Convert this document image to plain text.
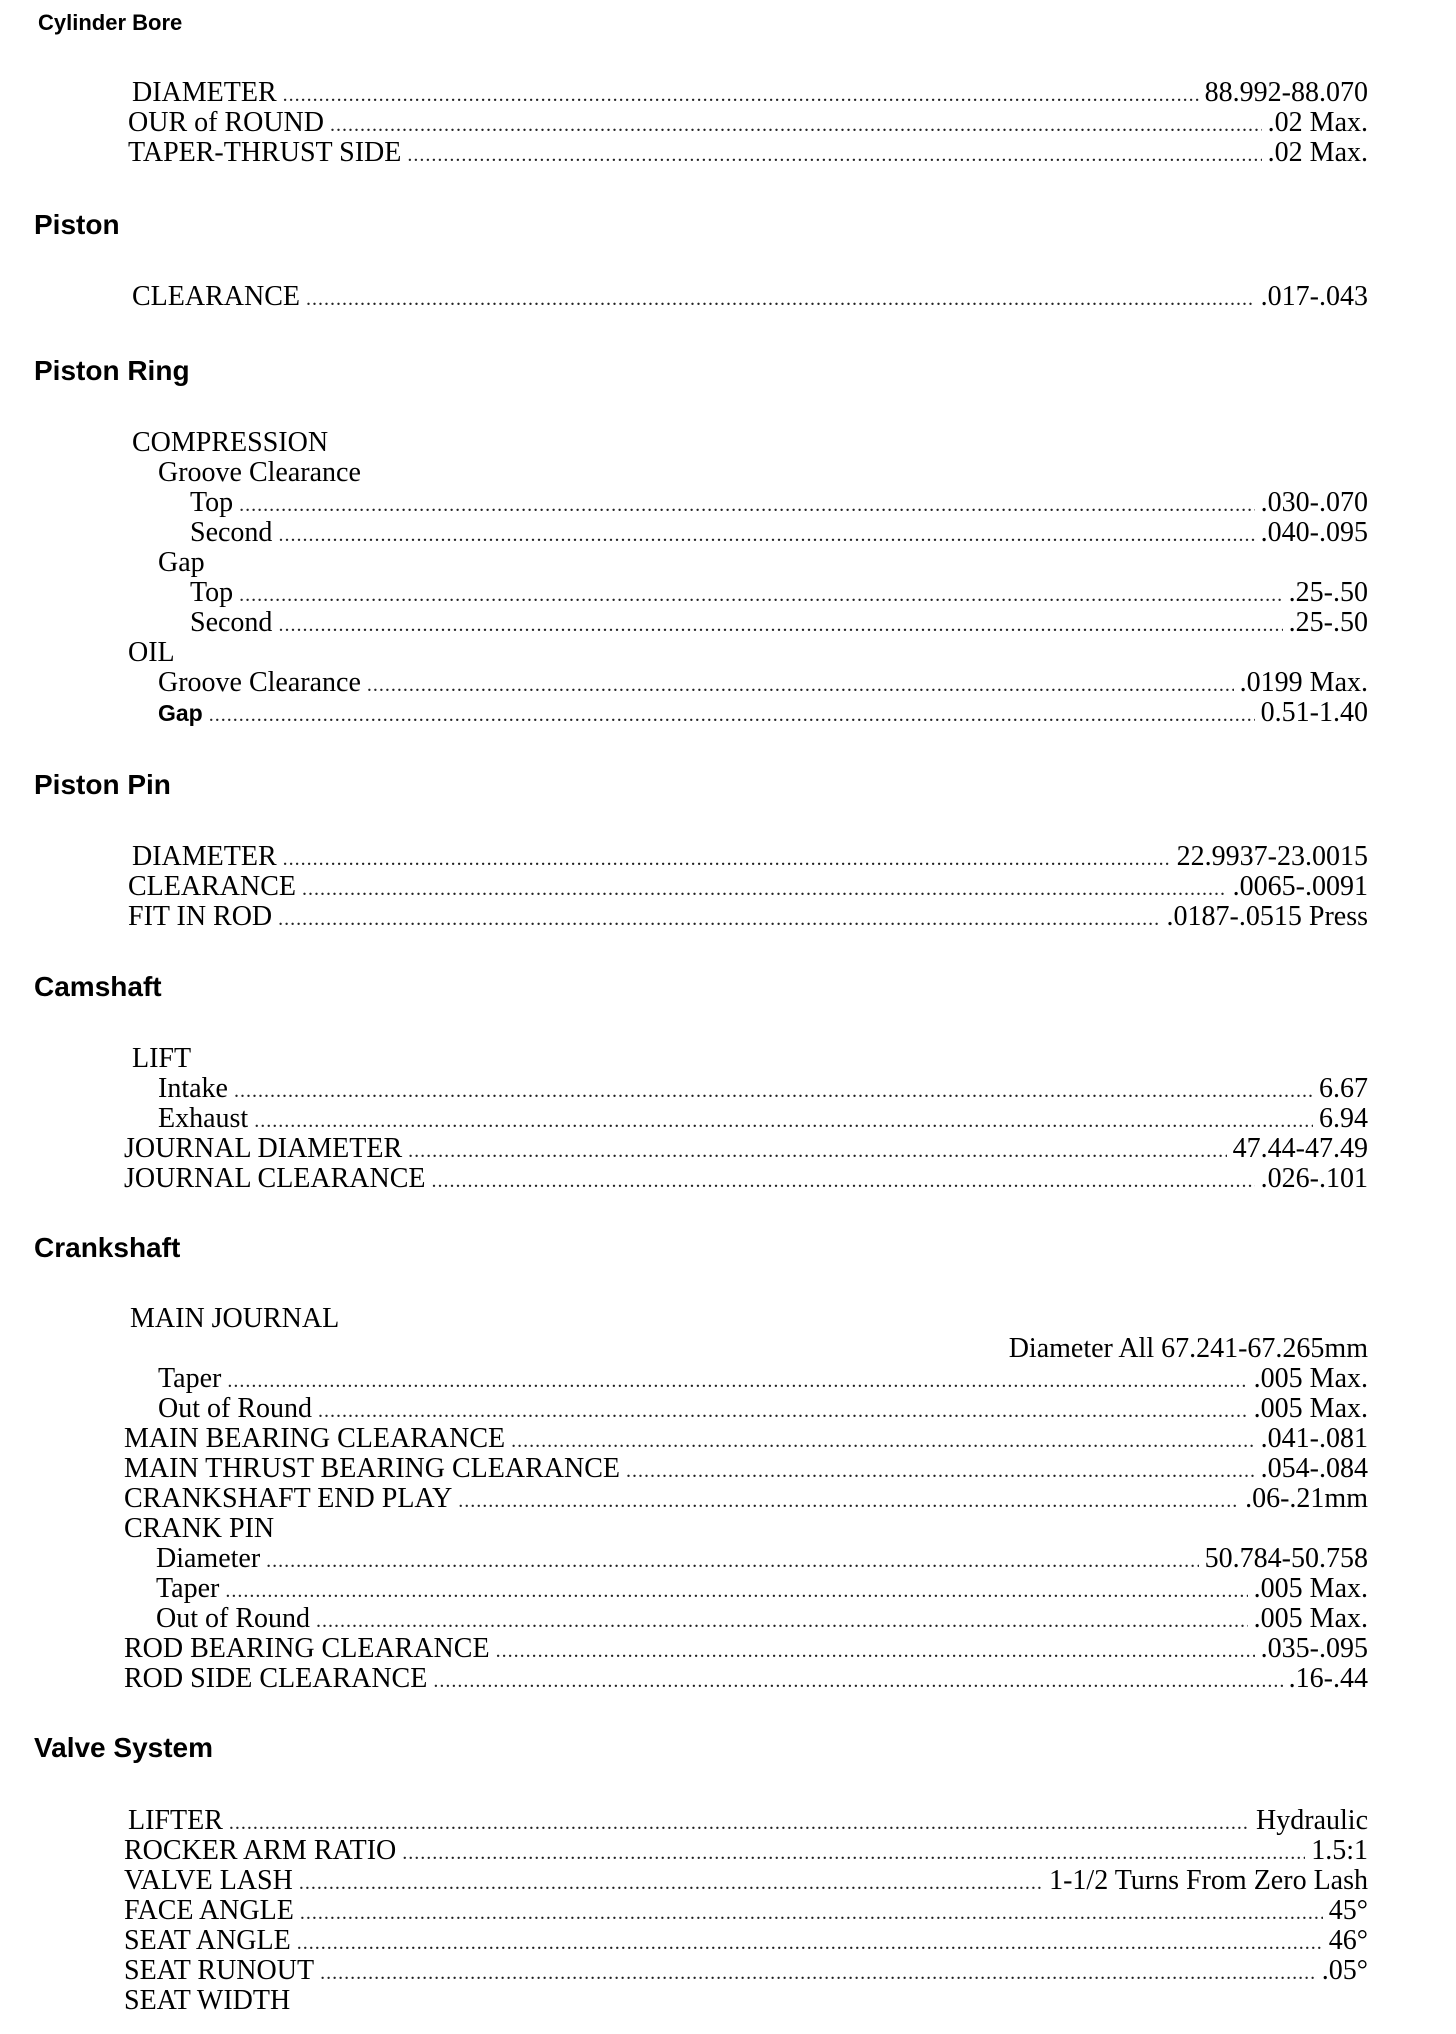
Cylinder Bore
DIAMETER .....	88.992-88.070
OUR of ROUND .....	.02 Max.
TAPER-THRUST SIDE .....	.02 Max.
Piston
CLEARANCE .....	.017-.043
Piston Ring
COMPRESSION
Groove Clearance
Top .....	.030-.070
Second .....	.040-.095
Gap
Top .....	.25-.50
Second .....	.25-.50
OIL
Groove Clearance .....	.0199 Max.
Gap .....	0.51-1.40
Piston Pin
DIAMETER .....	22.9937-23.0015
CLEARANCE .....	.0065-.0091
FIT IN ROD .....	.0187-.0515 Press
Camshaft
LIFT
Intake .....	6.67
Exhaust .....	6.94
JOURNAL DIAMETER .....	47.44-47.49
JOURNAL CLEARANCE .....	.026-.101
Crankshaft
MAIN JOURNAL
Diameter All 67.241-67.265mm
Taper .....	.005 Max.
Out of Round .....	.005 Max.
MAIN BEARING CLEARANCE .....	.041-.081
MAIN THRUST BEARING CLEARANCE .....	.054-.084
CRANKSHAFT END PLAY .....	.06-.21mm
CRANK PIN
Diameter .....	50.784-50.758
Taper .....	.005 Max.
Out of Round .....	.005 Max.
ROD BEARING CLEARANCE .....	.035-.095
ROD SIDE CLEARANCE .....	.16-.44
Valve System
LIFTER .....	Hydraulic
ROCKER ARM RATIO .....	1.5:1
VALVE LASH .....	1-1/2 Turns From Zero Lash
FACE ANGLE .....	45°
SEAT ANGLE .....	46°
SEAT RUNOUT .....	.05°
SEAT WIDTH
